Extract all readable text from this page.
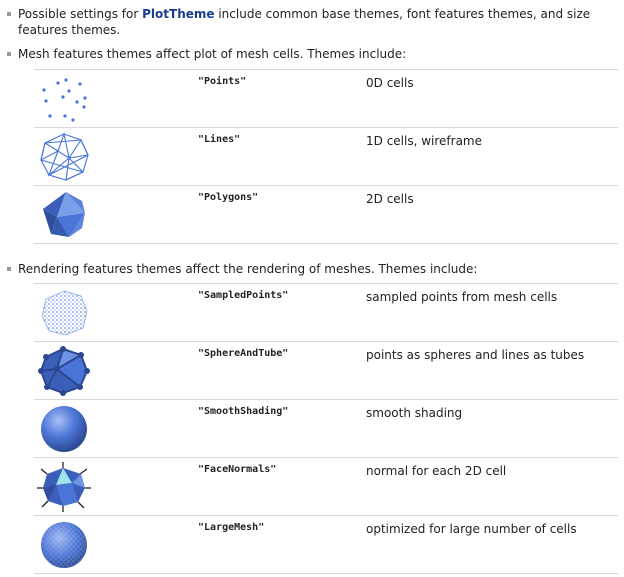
Possible settings for PlotTheme include common base themes, font features themes, and size features themes.
Mesh features themes affect plot of mesh cells. Themes include:
	"Points"	0D cells

	"Lines"	1D cells, wireframe

	"Polygons"	2D cells
Rendering features themes affect the rendering of meshes. Themes include:
	"SampledPoints"	sampled points from mesh cells

	"SphereAndTube"	points as spheres and lines as tubes

	"SmoothShading"	smooth shading

	"FaceNormals"	normal for each 2D cell

	"LargeMesh"	optimized for large number of cells
